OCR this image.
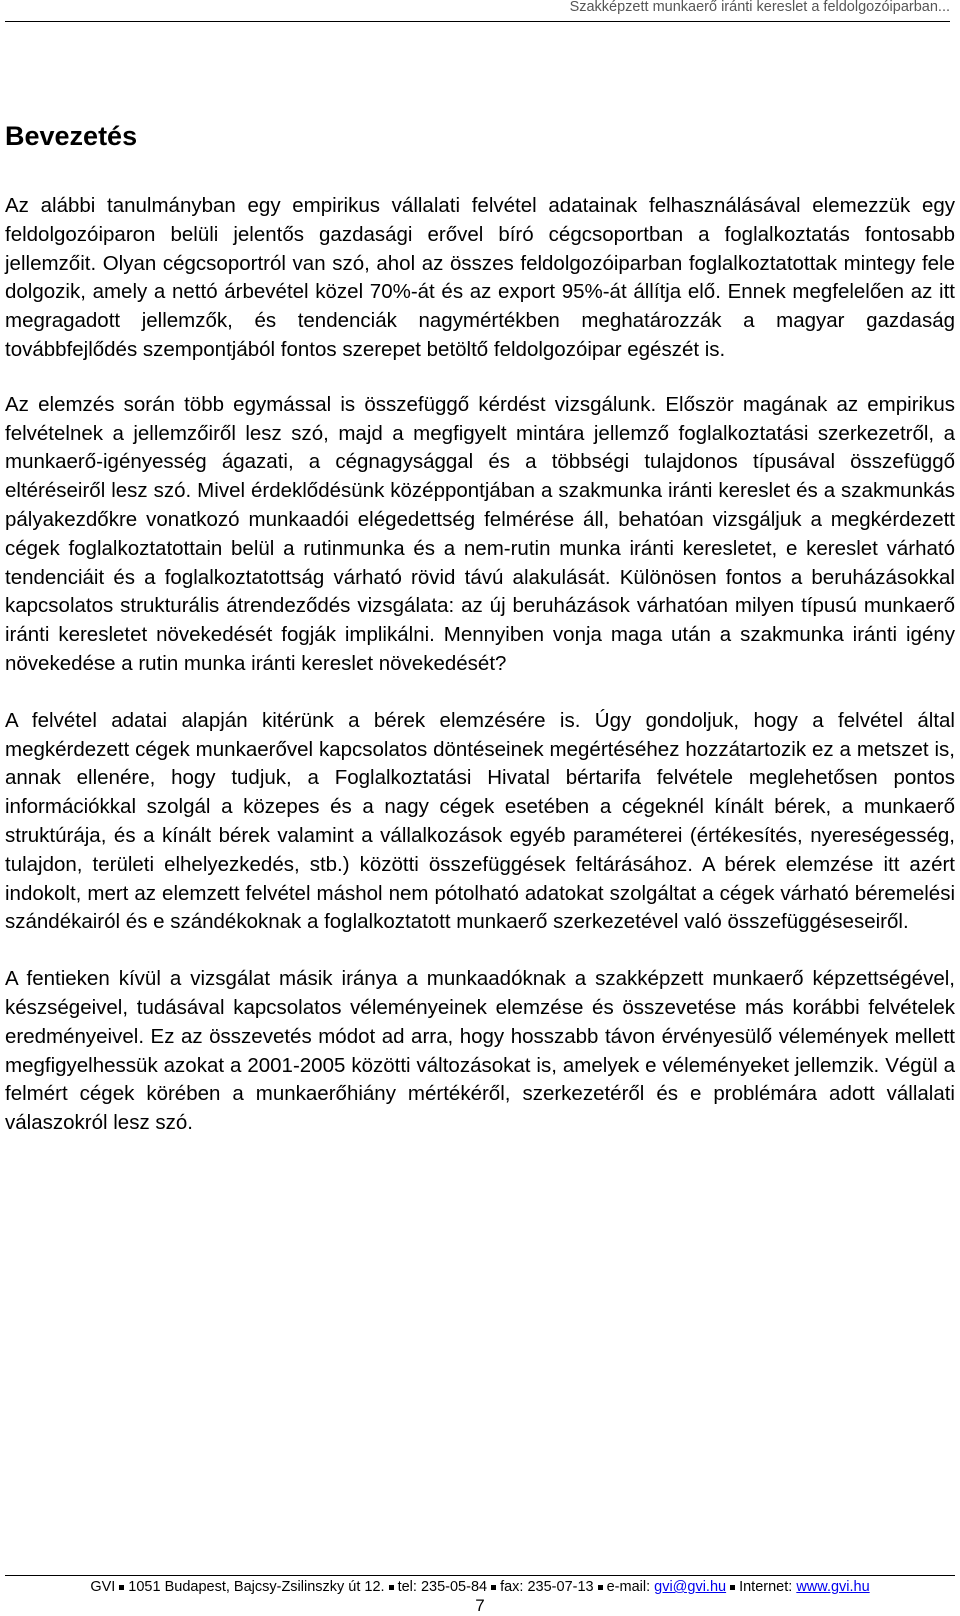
Szakképzett munkaerő iránti kereslet a feldolgozóiparban...
Bevezetés

Az alábbi tanulmányban egy empirikus vállalati felvétel adatainak felhasználásával elemezzük egy feldolgozóiparon belüli jelentős gazdasági erővel bíró cégcsoportban a foglalkoztatás fontosabb jellemzőit. Olyan cégcsoportról van szó, ahol az összes feldolgozóiparban foglalkoztatottak mintegy fele dolgozik, amely a nettó árbevétel közel 70%-át és az export 95%-át állítja elő. Ennek megfelelően az itt megragadott jellemzők, és tendenciák nagymértékben meghatározzák a magyar gazdaság továbbfejlődés szempontjából fontos szerepet betöltő feldolgozóipar egészét is.

Az elemzés során több egymással is összefüggő kérdést vizsgálunk. Először magának az empirikus felvételnek a jellemzőiről lesz szó, majd a megfigyelt mintára jellemző foglalkoztatási szerkezetről, a munkaerő-igényesség ágazati, a cégnagysággal és a többségi tulajdonos típusával összefüggő eltéréseiről lesz szó. Mivel érdeklődésünk középpontjában a szakmunka iránti kereslet és a szakmunkás pályakezdőkre vonatkozó munkaadói elégedettség felmérése áll, behatóan vizsgáljuk a megkérdezett cégek foglalkoztatottain belül a rutinmunka és a nem-rutin munka iránti keresletet, e kereslet várható tendenciáit és a foglalkoztatottság várható rövid távú alakulását. Különösen fontos a beruházásokkal kapcsolatos strukturális átrendeződés vizsgálata: az új beruházások várhatóan milyen típusú munkaerő iránti keresletet növekedését fogják implikálni. Mennyiben vonja maga után a szakmunka iránti igény növekedése a rutin munka iránti kereslet növekedését?

A felvétel adatai alapján kitérünk a bérek elemzésére is. Úgy gondoljuk, hogy a felvétel által megkérdezett cégek munkaerővel kapcsolatos döntéseinek megértéséhez hozzátartozik ez a metszet is, annak ellenére, hogy tudjuk, a Foglalkoztatási Hivatal bértarifa felvétele meglehetősen pontos információkkal szolgál a közepes és a nagy cégek esetében a cégeknél kínált bérek, a munkaerő struktúrája, és a kínált bérek valamint a vállalkozások egyéb paraméterei (értékesítés, nyereségesség, tulajdon, területi elhelyezkedés, stb.) közötti összefüggések feltárásához. A bérek elemzése itt azért indokolt, mert az elemzett felvétel máshol nem pótolható adatokat szolgáltat a cégek várható béremelési szándékairól és e szándékoknak a foglalkoztatott munkaerő szerkezetével való összefüggéseseiről.

A fentieken kívül a vizsgálat másik iránya a munkaadóknak a szakképzett munkaerő képzettségével, készségeivel, tudásával kapcsolatos véleményeinek elemzése és összevetése más korábbi felvételek eredményeivel. Ez az összevetés módot ad arra, hogy hosszabb távon érvényesülő vélemények mellett megfigyelhessük azokat a 2001-2005 közötti változásokat is, amelyek e véleményeket jellemzik. Végül a felmért cégek körében a munkaerőhiány mértékéről, szerkezetéről és e problémára adott vállalati válaszokról lesz szó.

GVI 1051 Budapest, Bajcsy-Zsilinszky út 12. tel: 235-05-84 fax: 235-07-13 e-mail: gvi@gvi.hu Internet: www.gvi.hu
7
